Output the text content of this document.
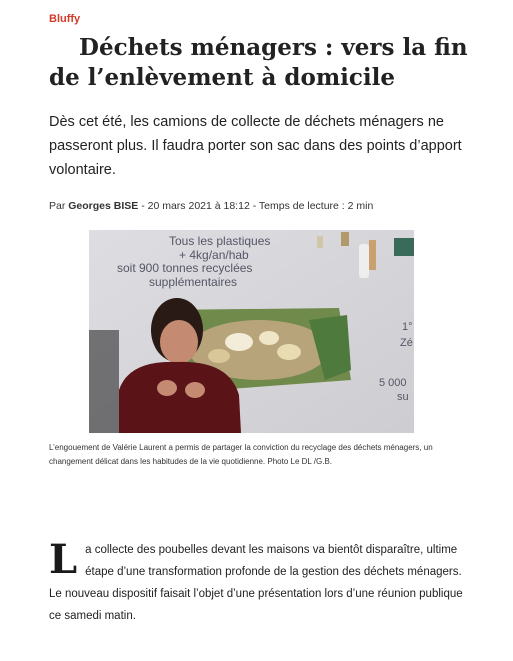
Bluffy
Déchets ménagers : vers la fin de l’enlèvement à domicile

Dès cet été, les camions de collecte de déchets ménagers ne passeront plus. Il faudra porter son sac dans des points d’apport volontaire.

Par Georges BISE - 20 mars 2021 à 18:12 - Temps de lecture : 2 min
Tous les plastiques
+ 4kg/an/hab
soit 900 tonnes recyclées
supplémentaires
1°
Zé
5 000
su
L’engouement de Valérie Laurent a permis de partager la conviction du recyclage des déchets ménagers, un changement délicat dans les habitudes de la vie quotidienne. Photo Le DL /G.B.
L a collecte des poubelles devant les maisons va bientôt disparaître, ultime étape d’une transformation profonde de la gestion des déchets ménagers. Le nouveau dispositif faisait l’objet d’une présentation lors d’une réunion publique ce samedi matin.
